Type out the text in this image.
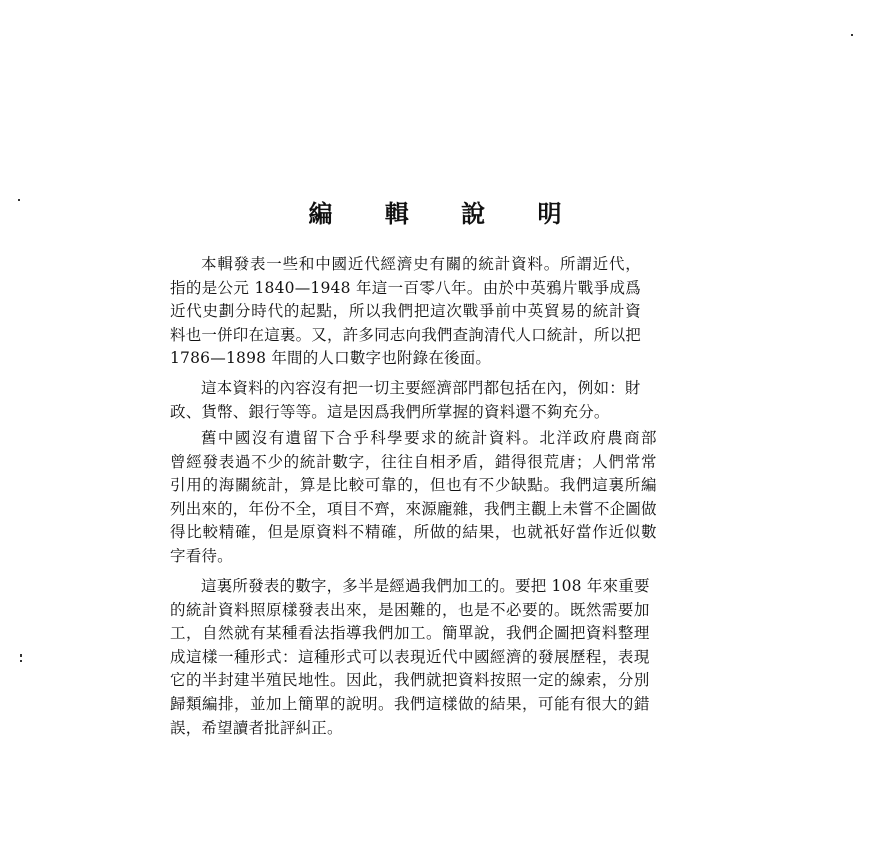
編 輯 說 明

本輯發表一些和中國近代經濟史有關的統計資料。所謂近代，

指的是公元 1840—1948 年這一百零八年。由於中英鴉片戰爭成爲

近代史劃分時代的起點，所以我們把這次戰爭前中英貿易的統計資

料也一併印在這裏。又，許多同志向我們查詢清代人口統計，所以把

1786—1898 年間的人口數字也附錄在後面。

這本資料的內容沒有把一切主要經濟部門都包括在內，例如：財

政、貨幣、銀行等等。這是因爲我們所掌握的資料還不夠充分。

舊中國沒有遺留下合乎科學要求的統計資料。北洋政府農商部

曾經發表過不少的統計數字，往往自相矛盾，錯得很荒唐；人們常常

引用的海關統計，算是比較可靠的，但也有不少缺點。我們這裏所編

列出來的，年份不全，項目不齊，來源龐雜，我們主觀上未嘗不企圖做

得比較精確，但是原資料不精確，所做的結果，也就祇好當作近似數

字看待。

這裏所發表的數字，多半是經過我們加工的。要把 108 年來重要

的統計資料照原樣發表出來，是困難的，也是不必要的。既然需要加

工，自然就有某種看法指導我們加工。簡單說，我們企圖把資料整理

成這樣一種形式：這種形式可以表現近代中國經濟的發展歷程，表現

它的半封建半殖民地性。因此，我們就把資料按照一定的線索，分別

歸類編排，並加上簡單的說明。我們這樣做的結果，可能有很大的錯

誤，希望讀者批評糾正。
